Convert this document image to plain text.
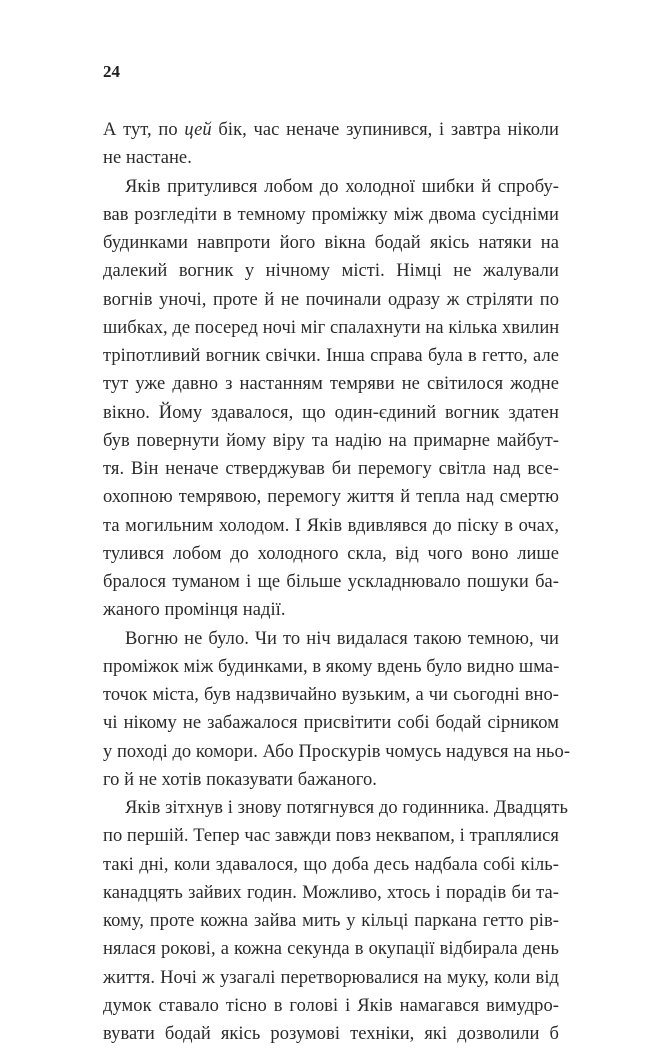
24
А тут, по цей бік, час неначе зупинився, і завтра ніколи
не настане.
Яків притулився лобом до холодної шибки й спробу-
вав розгледіти в темному проміжку між двома сусідніми
будинками навпроти його вікна бодай якісь натяки на
далекий вогник у нічному місті. Німці не жалували
вогнів уночі, проте й не починали одразу ж стріляти по
шибках, де посеред ночі міг спалахнути на кілька хвилин
тріпотливий вогник свічки. Інша справа була в гетто, але
тут уже давно з настанням темряви не світилося жодне
вікно. Йому здавалося, що один-єдиний вогник здатен
був повернути йому віру та надію на примарне майбут-
тя. Він неначе стверджував би перемогу світла над все-
охопною темрявою, перемогу життя й тепла над смертю
та могильним холодом. І Яків вдивлявся до піску в очах,
тулився лобом до холодного скла, від чого воно лише
бралося туманом і ще більше ускладнювало пошуки ба-
жаного промінця надії.
Вогню не було. Чи то ніч видалася такою темною, чи
проміжок між будинками, в якому вдень було видно шма-
точок міста, був надзвичайно вузьким, а чи сьогодні вно-
чі нікому не забажалося присвітити собі бодай сірником
у поході до комори. Або Проскурів чомусь надувся на ньо-
го й не хотів показувати бажаного.
Яків зітхнув і знову потягнувся до годинника. Двадцять
по першій. Тепер час завжди повз неквапом, і траплялися
такі дні, коли здавалося, що доба десь надбала собі кіль-
канадцять зайвих годин. Можливо, хтось і порадів би та-
кому, проте кожна зайва мить у кільці паркана гетто рів-
нялася рокові, а кожна секунда в окупації відбирала день
життя. Ночі ж узагалі перетворювалися на муку, коли від
думок ставало тісно в голові і Яків намагався вимудро-
вувати бодай якісь розумові техніки, які дозволили б
